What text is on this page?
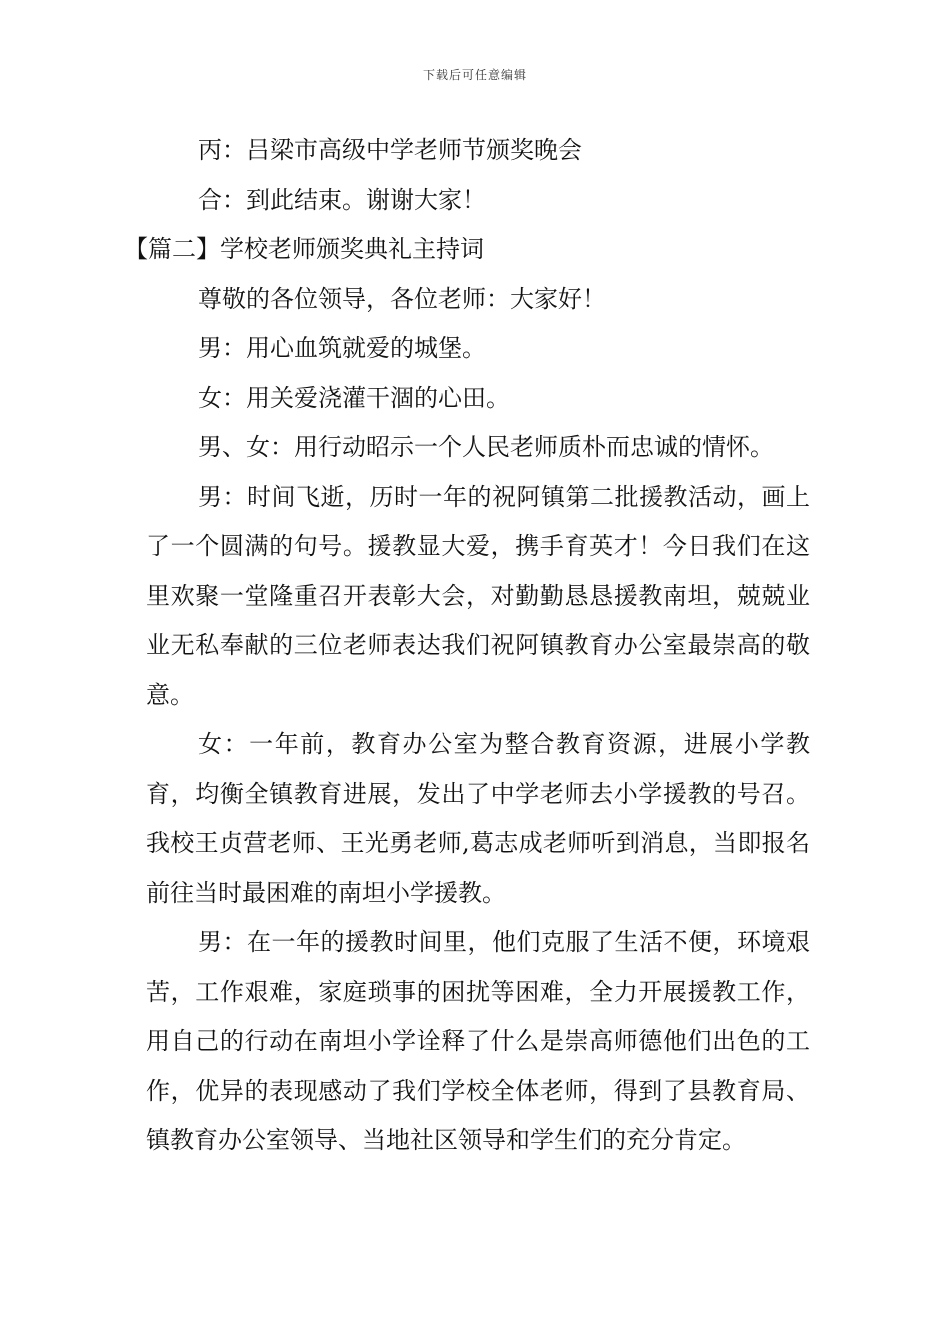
下载后可任意编辑

丙：吕梁市高级中学老师节颁奖晚会

合：到此结束。谢谢大家！

【篇二】学校老师颁奖典礼主持词

尊敬的各位领导，各位老师：大家好！

男：用心血筑就爱的城堡。

女：用关爱浇灌干涸的心田。

男、女：用行动昭示一个人民老师质朴而忠诚的情怀。

男：时间飞逝，历时一年的祝阿镇第二批援教活动，画上了一个圆满的句号。援教显大爱，携手育英才！今日我们在这里欢聚一堂隆重召开表彰大会，对勤勤恳恳援教南坦，兢兢业业无私奉献的三位老师表达我们祝阿镇教育办公室最崇高的敬意。

女：一年前，教育办公室为整合教育资源，进展小学教育，均衡全镇教育进展，发出了中学老师去小学援教的号召。我校王贞营老师、王光勇老师,葛志成老师听到消息，当即报名前往当时最困难的南坦小学援教。

男：在一年的援教时间里，他们克服了生活不便，环境艰苦，工作艰难，家庭琐事的困扰等困难，全力开展援教工作，用自己的行动在南坦小学诠释了什么是崇高师德他们出色的工作，优异的表现感动了我们学校全体老师，得到了县教育局、镇教育办公室领导、当地社区领导和学生们的充分肯定。
